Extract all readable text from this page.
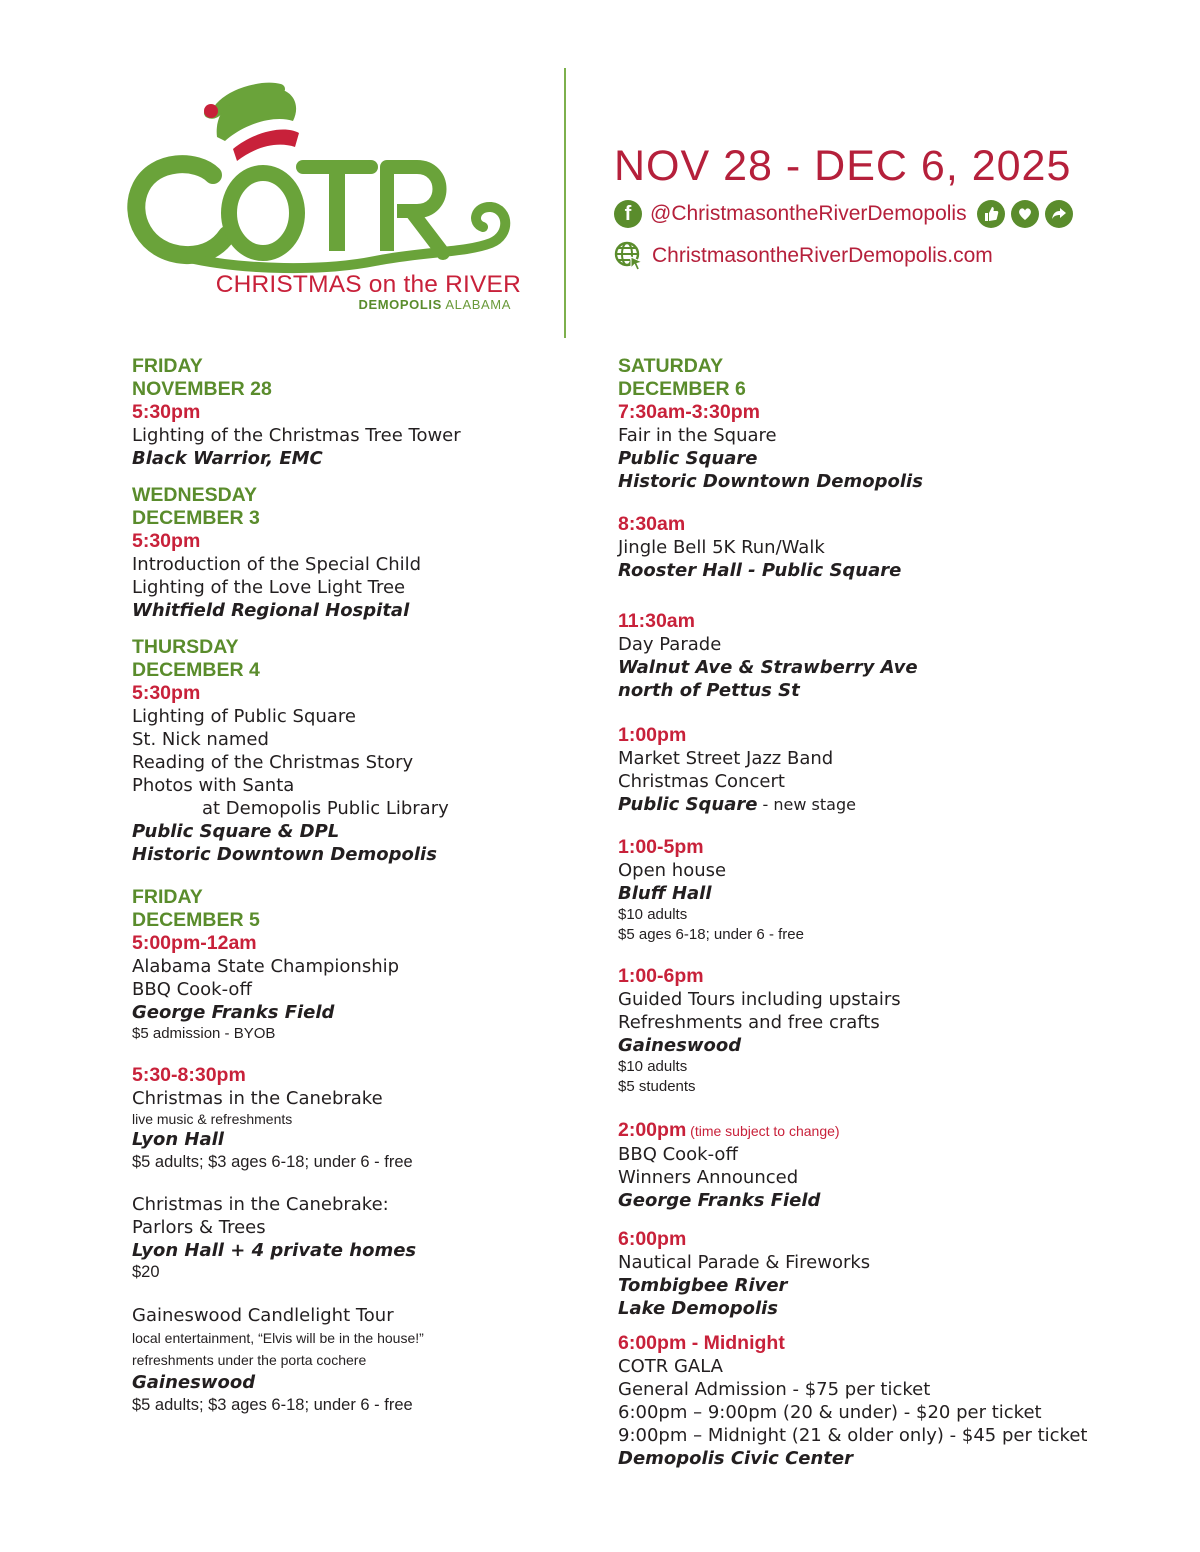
CHRISTMAS on the RIVER
DEMOPOLIS ALABAMA
NOV 28 - DEC 6, 2025
f @ChristmasontheRiverDemopolis
ChristmasontheRiverDemopolis.com
FRIDAY
NOVEMBER 28
5:30pm
Lighting of the Christmas Tree Tower
Black Warrior, EMC
WEDNESDAY
DECEMBER 3
5:30pm
Introduction of the Special Child
Lighting of the Love Light Tree
Whitfield Regional Hospital
THURSDAY
DECEMBER 4
5:30pm
Lighting of Public Square
St. Nick named
Reading of the Christmas Story
Photos with Santa
at Demopolis Public Library
Public Square & DPL
Historic Downtown Demopolis
FRIDAY
DECEMBER 5
5:00pm-12am
Alabama State Championship
BBQ Cook-off
George Franks Field
$5 admission - BYOB
5:30-8:30pm
Christmas in the Canebrake
live music & refreshments
Lyon Hall
$5 adults; $3 ages 6-18; under 6 - free
Christmas in the Canebrake:
Parlors & Trees
Lyon Hall + 4 private homes
$20
Gaineswood Candlelight Tour
local entertainment, “Elvis will be in the house!”
refreshments under the porta cochere
Gaineswood
$5 adults; $3 ages 6-18; under 6 - free
SATURDAY
DECEMBER 6
7:30am-3:30pm
Fair in the Square
Public Square
Historic Downtown Demopolis
8:30am
Jingle Bell 5K Run/Walk
Rooster Hall - Public Square
11:30am
Day Parade
Walnut Ave & Strawberry Ave
north of Pettus St
1:00pm
Market Street Jazz Band
Christmas Concert
Public Square - new stage
1:00-5pm
Open house
Bluff Hall
$10 adults
$5 ages 6-18; under 6 - free
1:00-6pm
Guided Tours including upstairs
Refreshments and free crafts
Gaineswood
$10 adults
$5 students
2:00pm (time subject to change)
BBQ Cook-off
Winners Announced
George Franks Field
6:00pm
Nautical Parade & Fireworks
Tombigbee River
Lake Demopolis
6:00pm - Midnight
COTR GALA
General Admission - $75 per ticket
6:00pm – 9:00pm (20 & under) - $20 per ticket
9:00pm – Midnight (21 & older only) - $45 per ticket
Demopolis Civic Center
